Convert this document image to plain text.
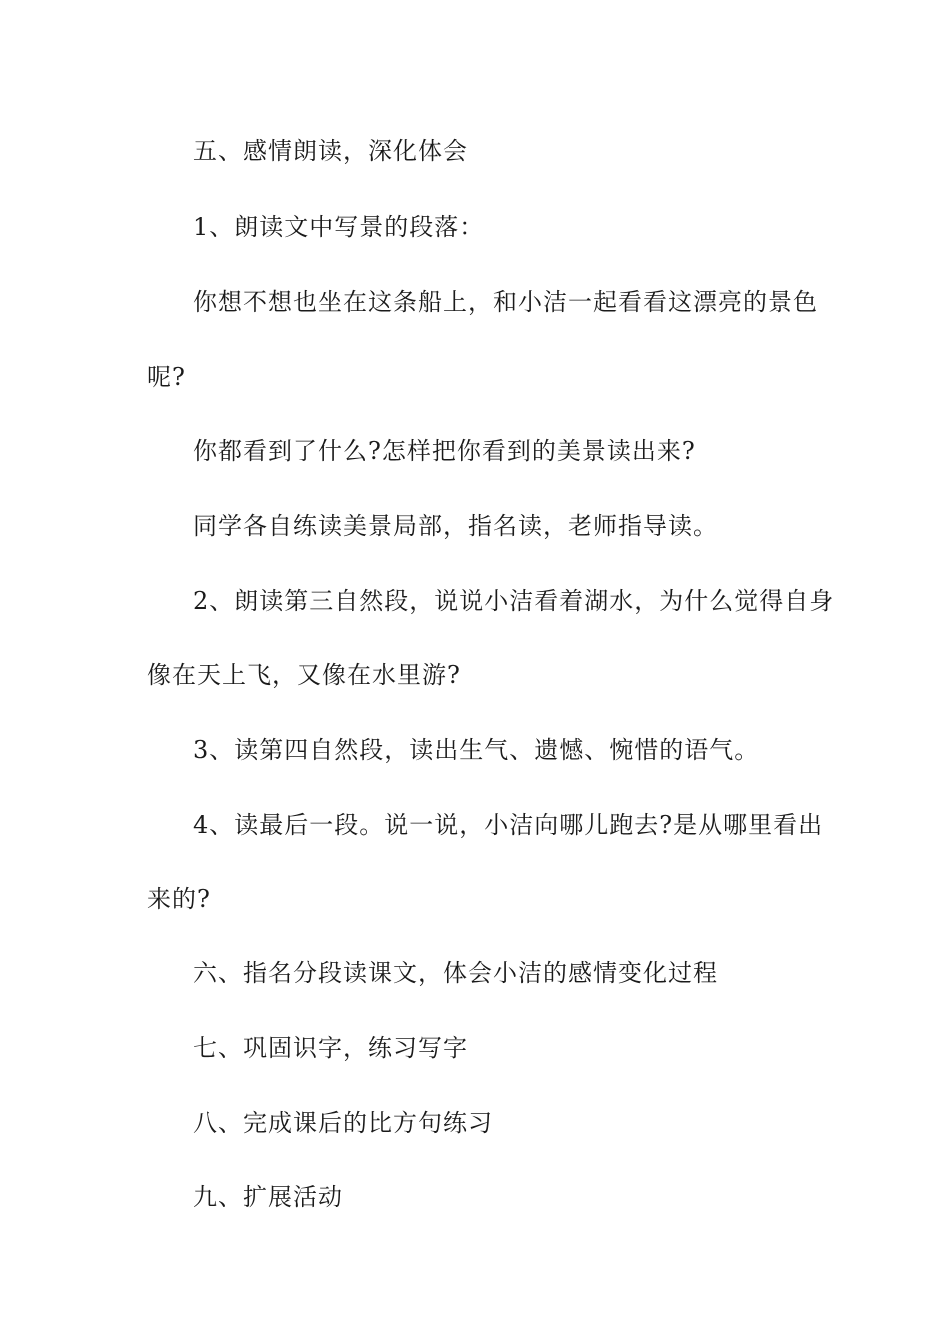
五、感情朗读，深化体会
1、朗读文中写景的段落：
你想不想也坐在这条船上，和小洁一起看看这漂亮的景色
呢?
你都看到了什么?怎样把你看到的美景读出来?
同学各自练读美景局部，指名读，老师指导读。
2、朗读第三自然段，说说小洁看着湖水，为什么觉得自身
像在天上飞，又像在水里游?
3、读第四自然段，读出生气、遗憾、惋惜的语气。
4、读最后一段。说一说，小洁向哪儿跑去?是从哪里看出
来的?
六、指名分段读课文，体会小洁的感情变化过程
七、巩固识字，练习写字
八、完成课后的比方句练习
九、扩展活动
